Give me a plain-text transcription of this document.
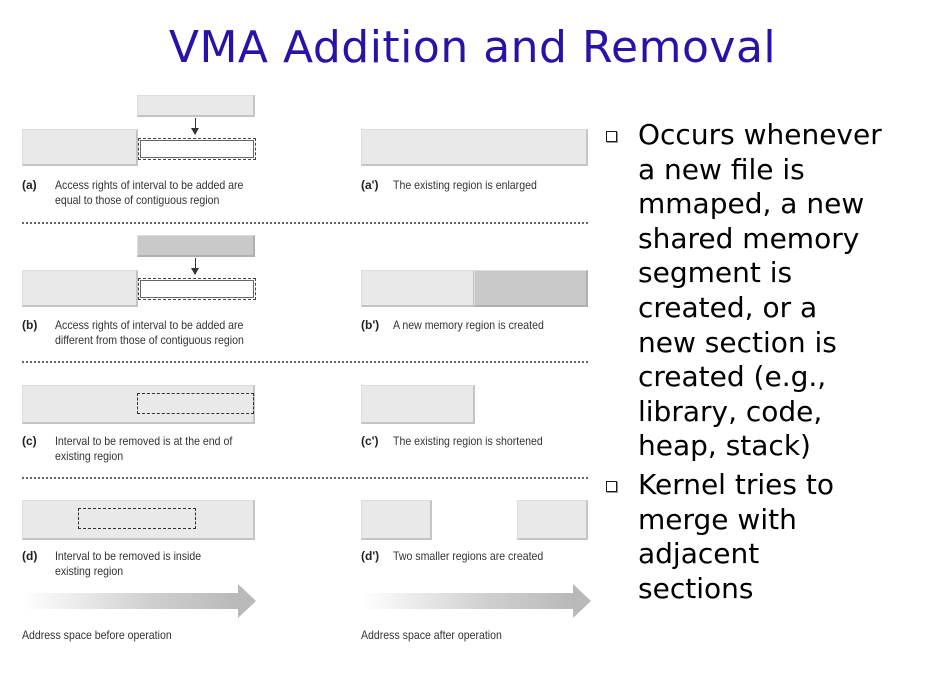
VMA Addition and Removal
(a) Access rights of interval to be added are
equal to those of contiguous region
(a') The existing region is enlarged
(b) Access rights of interval to be added are
different from those of contiguous region
(b') A new memory region is created
(c) Interval to be removed is at the end of
existing region
(c') The existing region is shortened
(d) Interval to be removed is inside
existing region
(d') Two smaller regions are created
Address space before operation	Address space after operation
Occurs whenever
a new file is
mmaped, a new
shared memory
segment is
created, or a
new section is
created (e.g.,
library, code,
heap, stack)
Kernel tries to
merge with
adjacent
sections
